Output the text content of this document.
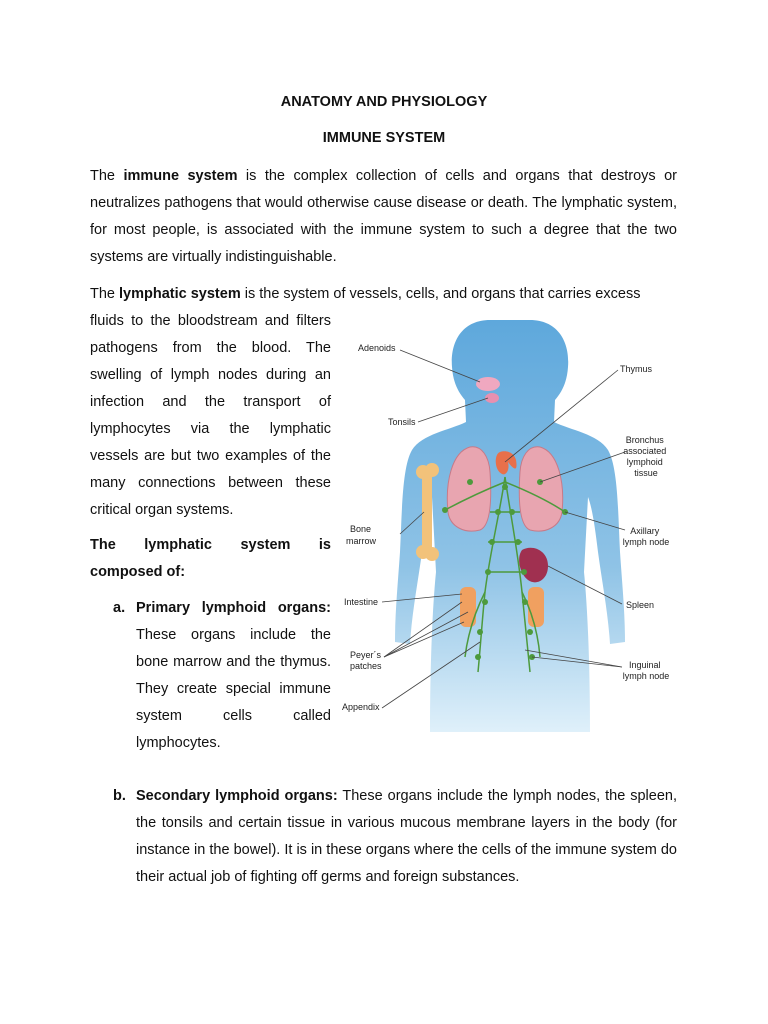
ANATOMY AND PHYSIOLOGY
IMMUNE SYSTEM

The immune system is the complex collection of cells and organs that destroys or neutralizes pathogens that would otherwise cause disease or death. The lymphatic system, for most people, is associated with the immune system to such a degree that the two systems are virtually indistinguishable.

The lymphatic system is the system of vessels, cells, and organs that carries excess

fluids to the bloodstream and filters pathogens from the blood. The swelling of lymph nodes during an infection and the transport of lymphocytes via the lymphatic vessels are but two examples of the many connections between these critical organ systems.

The lymphatic system is composed of:

a. Primary lymphoid organs: These organs include the bone marrow and the thymus. They create special immune system cells called lymphocytes.

b. Secondary lymphoid organs: These organs include the lymph nodes, the spleen, the tonsils and certain tissue in various mucous membrane layers in the body (for instance in the bowel). It is in these organs where the cells of the immune system do their actual job of fighting off germs and foreign substances.

Adenoids
Tonsils
Thymus
Bronchus associated lymphoid tissue
Bone marrow
Axillary lymph node
Intestine	Spleen
Peyer´s patches	Inguinal lymph node
Appendix
